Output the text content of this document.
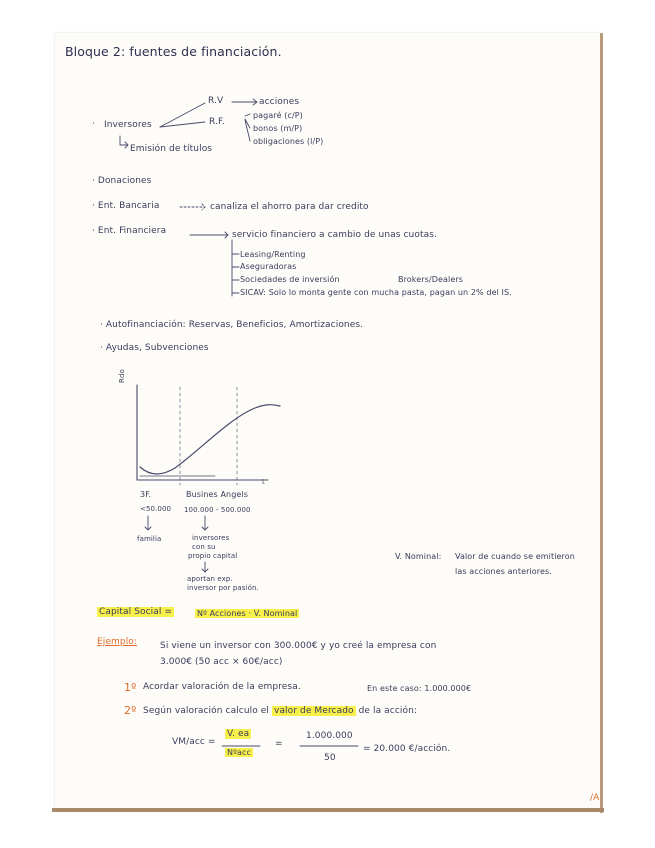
Bloque 2: fuentes de financiación.
· Inversores
R.V	acciones
R.F.
pagaré (c/P)
bonos (m/P)
obligaciones (l/P)
Emisión de títulos
· Donaciones
· Ent. Bancaria	canaliza el ahorro para dar credito
· Ent. Financiera	servicio financiero a cambio de unas cuotas.
Leasing/Renting
Aseguradoras
Sociedades de inversión	Brokers/Dealers
SICAV: Solo lo monta gente con mucha pasta, pagan un 2% del IS.
· Autofinanciación: Reservas, Beneficios, Amortizaciones.
· Ayudas, Subvenciones
Rdo
t
3F.
<50.000
familia
Busines Angels
100.000 - 500.000
inversores
con su
propio capital
aportan exp.
inversor por pasión.
V. Nominal: Valor de cuando se emitieron
las acciones anteriores.
Capital Social =	Nº Acciones · V. Nominal
Ejemplo:	Si viene un inversor con 300.000€ y yo creé la empresa con
3.000€ (50 acc × 60€/acc)
1º Acordar valoración de la empresa.	En este caso: 1.000.000€
2º Según valoración calculo el valor de Mercado de la acción:
VM/acc =
V. ea
Nºacc
=
1.000.000
50
= 20.000 €/acción.
/A
